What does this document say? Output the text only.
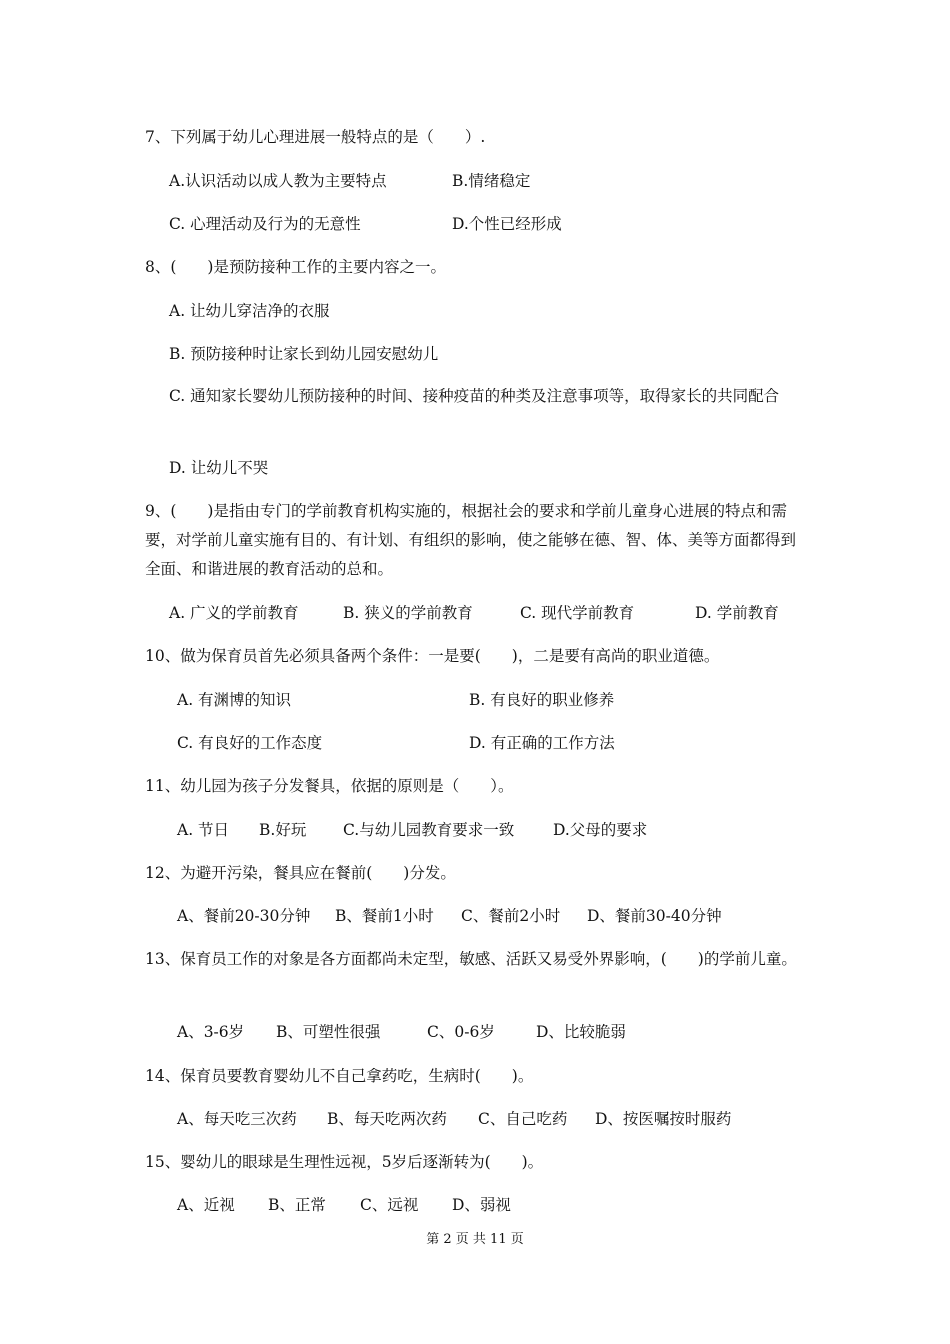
7、下列属于幼儿心理进展一般特点的是（　　）.
A.认识活动以成人教为主要特点	B.情绪稳定
C. 心理活动及行为的无意性	D.个性已经形成
8、(　　)是预防接种工作的主要内容之一。
A. 让幼儿穿洁净的衣服
B. 预防接种时让家长到幼儿园安慰幼儿
C. 通知家长婴幼儿预防接种的时间、接种疫苗的种类及注意事项等，取得家长的共同配合
D. 让幼儿不哭
9、(　　)是指由专门的学前教育机构实施的，根据社会的要求和学前儿童身心进展的特点和需要，对学前儿童实施有目的、有计划、有组织的影响，使之能够在德、智、体、美等方面都得到全面、和谐进展的教育活动的总和。
A. 广义的学前教育	B. 狭义的学前教育	C. 现代学前教育	D. 学前教育
10、做为保育员首先必须具备两个条件：一是要(　　)，二是要有高尚的职业道德。
A. 有渊博的知识	B. 有良好的职业修养
C. 有良好的工作态度	D. 有正确的工作方法
11、幼儿园为孩子分发餐具，依据的原则是（　　）。
A. 节日 B.好玩 C.与幼儿园教育要求一致	D.父母的要求
12、为避开污染，餐具应在餐前(　　)分发。
A、餐前20-30分钟 B、餐前1小时 C、餐前2小时 D、餐前30-40分钟
13、保育员工作的对象是各方面都尚未定型，敏感、活跃又易受外界影响，(　　)的学前儿童。
A、3-6岁 B、可塑性很强	C、0-6岁	D、比较脆弱
14、保育员要教育婴幼儿不自己拿药吃，生病时(　　)。
A、每天吃三次药 B、每天吃两次药 C、自己吃药 D、按医嘱按时服药
15、婴幼儿的眼球是生理性远视，5岁后逐渐转为(　　)。
A、近视 B、正常 C、远视 D、弱视
第 2 页 共 11 页
